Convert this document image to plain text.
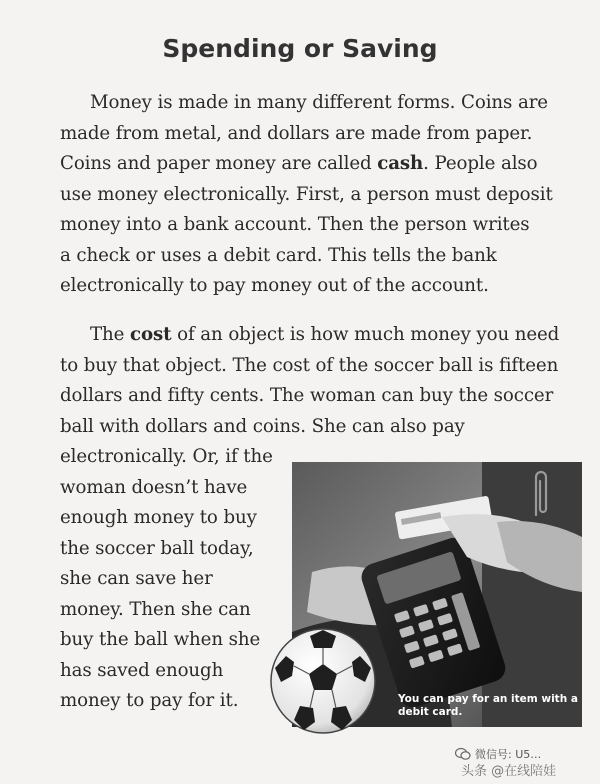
Spending or Saving
Money is made in many different forms. Coins are
made from metal, and dollars are made from paper.
Coins and paper money are called cash. People also
use money electronically. First, a person must deposit
money into a bank account. Then the person writes
a check or uses a debit card. This tells the bank
electronically to pay money out of the account.
The cost of an object is how much money you need
to buy that object. The cost of the soccer ball is fifteen
dollars and fifty cents. The woman can buy the soccer
ball with dollars and coins. She can also pay
electronically. Or, if the
woman doesn’t have
enough money to buy
the soccer ball today,
she can save her
money. Then she can
buy the ball when she
has saved enough
money to pay for it.	You can pay for an item with a debit card.
微信号: U5…
头条 @在线陪娃
